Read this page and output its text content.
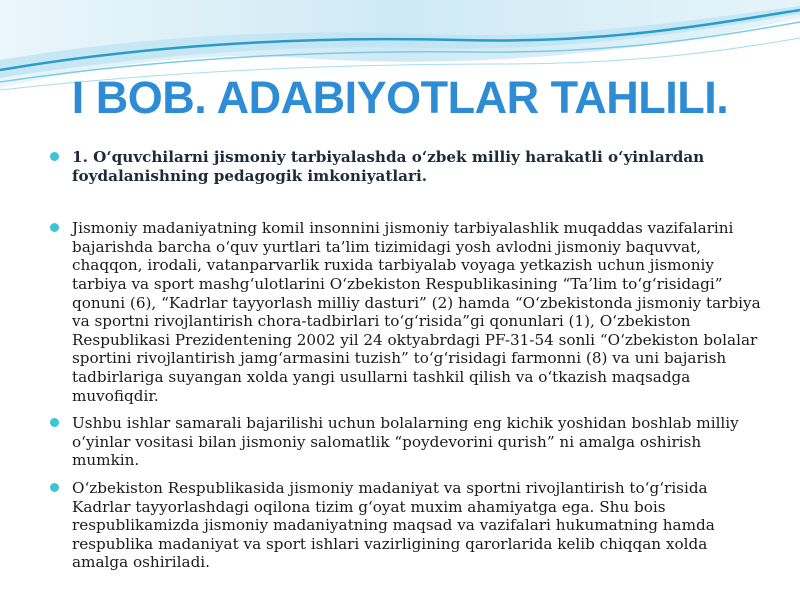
I BOB. ADABIYOTLAR TAHLILI.
1. O‘quvchilarni jismoniy tarbiyalashda o‘zbek milliy harakatli o‘yinlardan foydalanishning pedagogik imkoniyatlari.
Jismoniy madaniyatning komil insonnini jismoniy tarbiyalashlik muqaddas vazifalarini bajarishda barcha o‘quv yurtlari ta’lim tizimidagi yosh avlodni jismoniy baquvvat, chaqqon, irodali, vatanparvarlik ruxida tarbiyalab voyaga yetkazish uchun jismoniy tarbiya va sport mashg‘ulotlarini O‘zbekiston Respublikasining “Ta’lim to‘g‘risidagi” qonuni (6), “Kadrlar tayyorlash milliy dasturi” (2) hamda “O‘zbekistonda jismoniy tarbiya va sportni rivojlantirish chora-tadbirlari to‘g‘risida”gi qonunlari (1), O‘zbekiston Respublikasi Prezidentening 2002 yil 24 oktyabrdagi PF-31-54 sonli “O‘zbekiston bolalar sportini rivojlantirish jamg‘armasini tuzish” to‘g‘risidagi farmonni (8) va uni bajarish tadbirlariga suyangan xolda yangi usullarni tashkil qilish va o‘tkazish maqsadga muvofiqdir.
Ushbu ishlar samarali bajarilishi uchun bolalarning eng kichik yoshidan boshlab milliy o‘yinlar vositasi bilan jismoniy salomatlik “poydevorini qurish” ni amalga oshirish mumkin.
O‘zbekiston Respublikasida jismoniy madaniyat va sportni rivojlantirish to‘g‘risida Kadrlar tayyorlashdagi oqilona tizim g‘oyat muxim ahamiyatga ega. Shu bois respublikamizda jismoniy madaniyatning maqsad va vazifalari hukumatning hamda respublika madaniyat va sport ishlari vazirligining qarorlarida kelib chiqqan xolda amalga oshiriladi.
